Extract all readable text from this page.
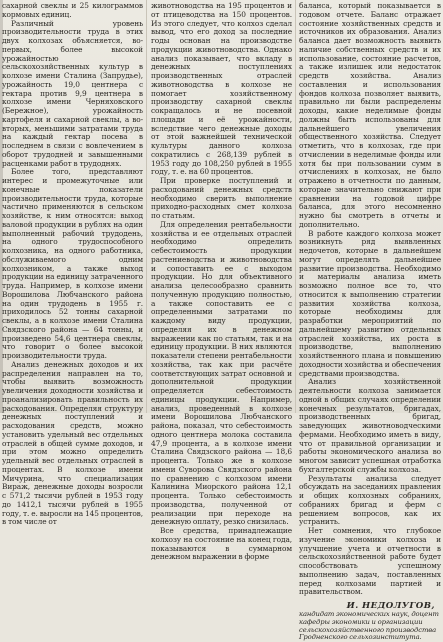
сахарной свеклы и 25 килограммов кормовых единиц.

Различный уровень производительности труда в этих двух колхозах объясняется, во-первых, более высокой урожайностью сельскохозяйственных культур в колхозе имени Сталина (Запрудье), урожайность 19,0 центнера с гектара против 9,9 центнера в колхозе имени Черняховского (Бережное), урожайность картофеля и сахарной свеклы, а во-вторых, меньшими затратами труда на каждый гектар посева в последнем в связи с вовлечением в оборот трудодней и завышенными расценками работ в трудоднях.

Более того, представляют интерес и промежуточные или конечные показатели производительности труда, которые частично применяются в сельском хозяйстве, к ним относятся: выход валовой продукции в рублях на один выполненный рабочий трудодень, на одного трудоспособного колхозника, на одного работника, обслуживаемого одним колхозником, а также выход продукции на единицу затраченного труда. Например, в колхозе имени Ворошилова Любчанского района на один трудодень в 1955 г. приходилось 52 тонны сахарной свеклы, а в колхозе имени Сталина Свядзского района — 64 тонны, и произведено 54,6 центнера свеклы, что говорит о более высокой производительности труда.

Анализ денежных доходов и их распределения направлен на то, чтобы выявить возможность увеличения доходности хозяйства и проанализировать правильность их расходования. Определяя структуру денежных поступлений и расходования средств, можно установить удельный вес отдельных отраслей в общей сумме доходов, и при этом можно определить удельный вес отдельных отраслей в процентах. В колхозе имени Мичурина, что специализация Вираж, денежные доходы возросли с 571,2 тысячи рублей в 1953 году до 1412,1 тысячи рублей в 1955 году, т. е. выросли на 145 процентов, в том числе от

животноводства на 195 процентов и от птицеводства на 150 процентов. Из этого следует, что колхоз сделал вывод, что его доход за последние годы основан на производстве продукции животноводства. Однако анализ показывает, что вкладу в денежных поступлениях производственных отраслей животноводства в колхозе не помогает хозяйственному производству сахарной свеклы сокращалось и не посевной площади и её урожайности, вследствие чего денежные доходы от этой важнейшей технической культуры данного колхоза сократились с 268,139 рублей в 1953 году до 108,250 рублей в 1955 году, т. е. на 60 процентов.

При проверке поступлений и расходований денежных средств необходимо сверить выполнение приходно-расходных смет колхоза по статьям.

Для определения рентабельности хозяйства и ее отдельных отраслей необходимо определить себестоимость продукции растениеводства и животноводства и сопоставить ее с выходом продукции. Но для объективного анализа целесообразно сравнить полученную продукцию полностью, а также сопоставить ее с определенными затратами по каждому виду продукции, определяя их в денежном выражении как по статьям, так и на единицу продукции. В них являются показатели степени рентабельности хозяйства, так как при расчёте соответствующих затрат основной и дополнительной продукции определяется себестоимость единицы продукции. Например, анализ, проведенный в колхозе имени Ворошилова Любчанского района, показал, что себестоимость одного центнера молока составила 47,9 процента, а в колхозе имени Сталина Свядзского района — 18,6 процента. Только же в колхозе имени Суворова Свядзского района по сравнению с колхозом имени Калинина Миорского района 12,1 процента. Только себестоимость производства, полученной от реализации при переходе на денежную оплату, резко снизилась.

Все средства, принадлежащие колхозу на состояние на конец года, показываются в суммарном денежном выражении в форме

баланса, который показывается в годовом отчете. Баланс отражает состояние хозяйственных средств и источников их образования. Анализ баланса дает возможность выявить наличие собственных средств и их использование, состояние расчетов, а также излишек или недостаток средств хозяйства. Анализ составления и использования фондов колхоза позволяет выявить, правильно ли были распределены доходы, какие неделимые фонды должны быть использованы для дальнейшего увеличения общественного хозяйства. Следует отметить, что в колхозах, где при отчислении в неделимые фонды или хотя бы при пользовании сумм в отчислениях в колхозах, не было отражено в отчетности по данным, которые значительно снижают при сравнении на годовой цифре баланса, для этого несомненно нужно бы смотреть в отчеты и дополнительно.

В работе каждого колхоза может возникнуть ряд выявленных недочетов, которые в дальнейшем могут определять дальнейшее развитие производства. Необходимо и материалы анализа иметь возможно полное все то, что относится к выполнению стратегии развития хозяйства колхоза, которые необходимы для разработки мероприятий по дальнейшему развитию отдельных отраслей хозяйства, их роста в производстве, выполнению хозяйственного плана и повышению доходности хозяйства и обеспечения средствами производства.

Анализ хозяйственной деятельности колхоза занимается одной в общих случаях определении конечных результатов, бригадах, производственных бригад, заведующих животноводческими фермами. Необходимо иметь в виду, что от правильной организации и работы экономического анализа во многом зависит успешная отработка бухгалтерской службы колхоза.

Результаты анализа следует обсуждать на заседаниях правления и общих колхозных собраниях, собраниях бригад и ферм с решением вопросов, как их устранить.

Нет сомнения, что глубокое изучение экономики колхоза и улучшение учета и отчетности в сельскохозяйственной работе будет способствовать успешному выполнению задач, поставленных перед колхозами партией и правительством.

И. НЕДОЛУГОВ,
кандидат экономических наук, доцент кафедры экономики и организации сельскохозяйственного производства Гродненского сельхозинститута.
